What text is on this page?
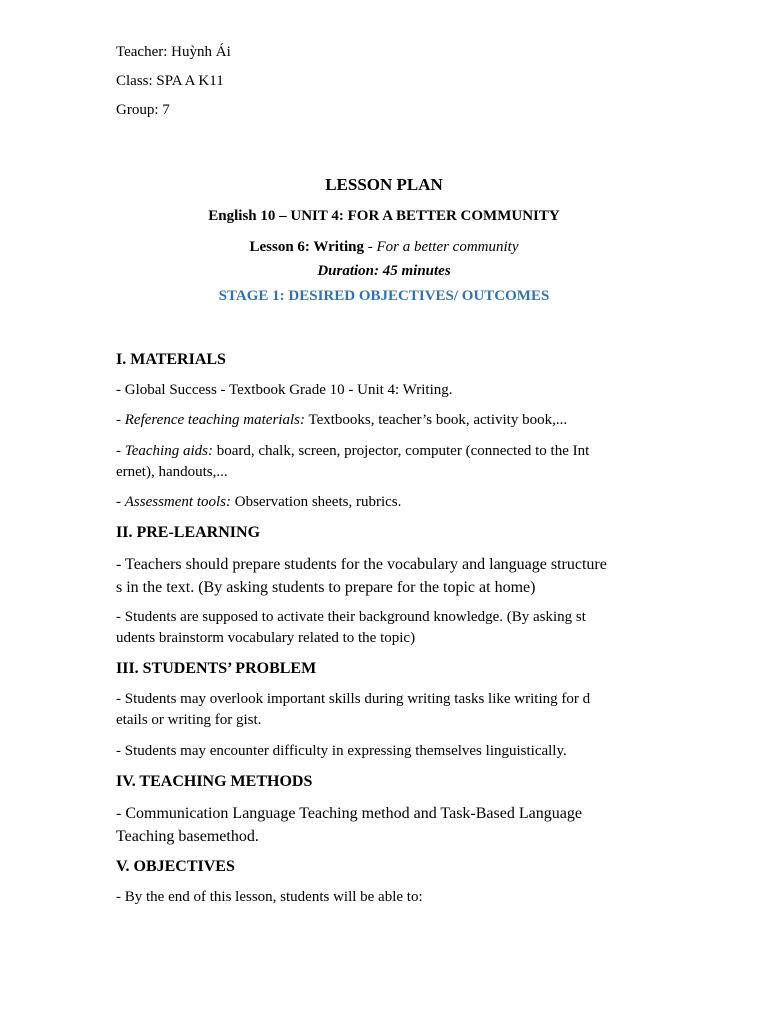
Teacher: Huỳnh Ái
Class: SPA A K11
Group: 7
LESSON PLAN
English 10 – UNIT 4: FOR A BETTER COMMUNITY
Lesson 6: Writing - For a better community
Duration: 45 minutes
STAGE 1: DESIRED OBJECTIVES/ OUTCOMES
I. MATERIALS
- Global Success - Textbook Grade 10 - Unit 4: Writing.
- Reference teaching materials: Textbooks, teacher’s book, activity book,...
- Teaching aids: board, chalk, screen, projector, computer (connected to the Int
ernet), handouts,...
- Assessment tools: Observation sheets, rubrics.
II. PRE-LEARNING
- Teachers should prepare students for the vocabulary and language structure
s in the text. (By asking students to prepare for the topic at home)
- Students are supposed to activate their background knowledge. (By asking st
udents brainstorm vocabulary related to the topic)
III. STUDENTS’ PROBLEM
- Students may overlook important skills during writing tasks like writing for d
etails or writing for gist.
- Students may encounter difficulty in expressing themselves linguistically.
IV. TEACHING METHODS
- Communication Language Teaching method and Task-Based Language
Teaching basemethod.
V. OBJECTIVES
- By the end of this lesson, students will be able to:
